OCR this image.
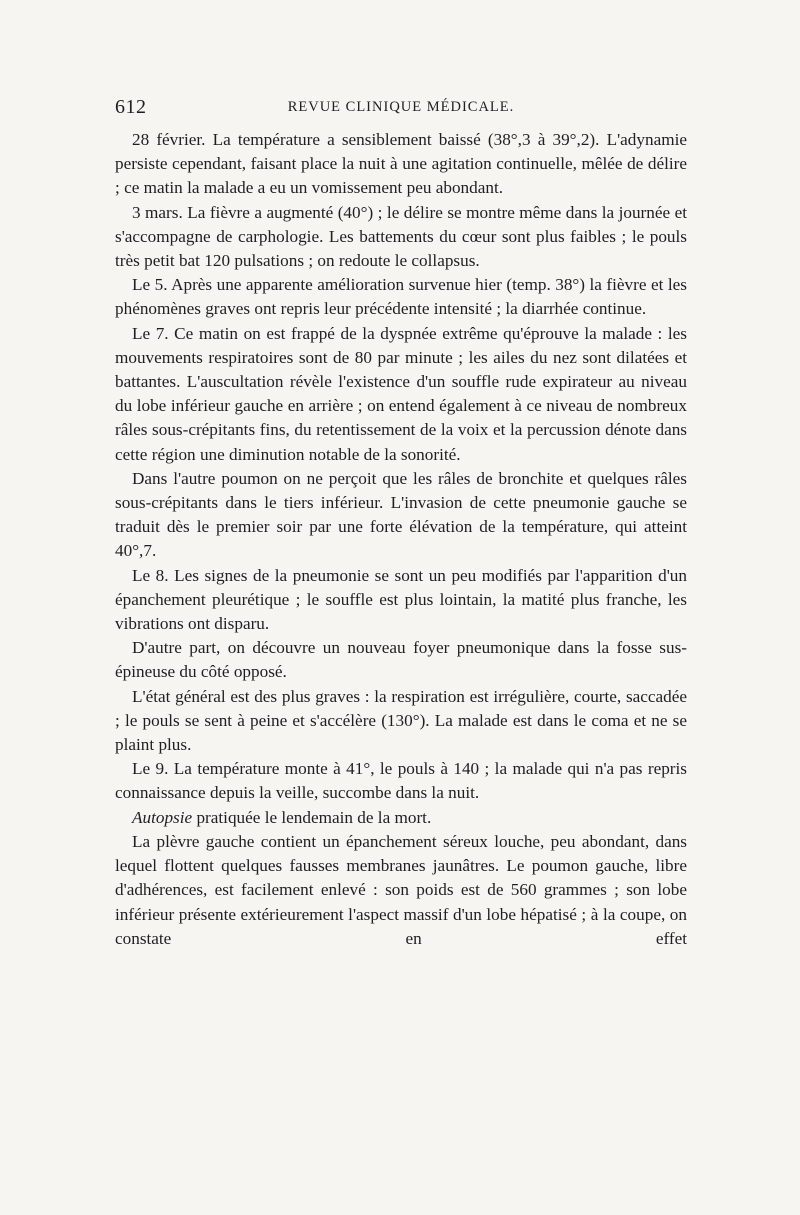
612	REVUE CLINIQUE MÉDICALE.

28 février. La température a sensiblement baissé (38°,3 à 39°,2). L'adynamie persiste cependant, faisant place la nuit à une agitation continuelle, mêlée de délire ; ce matin la malade a eu un vomissement peu abondant.

3 mars. La fièvre a augmenté (40°) ; le délire se montre même dans la journée et s'accompagne de carphologie. Les battements du cœur sont plus faibles ; le pouls très petit bat 120 pulsations ; on redoute le collapsus.

Le 5. Après une apparente amélioration survenue hier (temp. 38°) la fièvre et les phénomènes graves ont repris leur précédente intensité ; la diarrhée continue.

Le 7. Ce matin on est frappé de la dyspnée extrême qu'éprouve la malade : les mouvements respiratoires sont de 80 par minute ; les ailes du nez sont dilatées et battantes. L'auscultation révèle l'existence d'un souffle rude expirateur au niveau du lobe inférieur gauche en arrière ; on entend également à ce niveau de nombreux râles sous-crépitants fins, du retentissement de la voix et la percussion dénote dans cette région une diminution notable de la sonorité.

Dans l'autre poumon on ne perçoit que les râles de bronchite et quelques râles sous-crépitants dans le tiers inférieur. L'invasion de cette pneumonie gauche se traduit dès le premier soir par une forte élévation de la température, qui atteint 40°,7.

Le 8. Les signes de la pneumonie se sont un peu modifiés par l'apparition d'un épanchement pleurétique ; le souffle est plus lointain, la matité plus franche, les vibrations ont disparu.

D'autre part, on découvre un nouveau foyer pneumonique dans la fosse sus-épineuse du côté opposé.

L'état général est des plus graves : la respiration est irrégulière, courte, saccadée ; le pouls se sent à peine et s'accélère (130°). La malade est dans le coma et ne se plaint plus.

Le 9. La température monte à 41°, le pouls à 140 ; la malade qui n'a pas repris connaissance depuis la veille, succombe dans la nuit.

Autopsie pratiquée le lendemain de la mort.

La plèvre gauche contient un épanchement séreux louche, peu abondant, dans lequel flottent quelques fausses membranes jaunâtres. Le poumon gauche, libre d'adhérences, est facilement enlevé : son poids est de 560 grammes ; son lobe inférieur présente extérieurement l'aspect massif d'un lobe hépatisé ; à la coupe, on constate en effet
